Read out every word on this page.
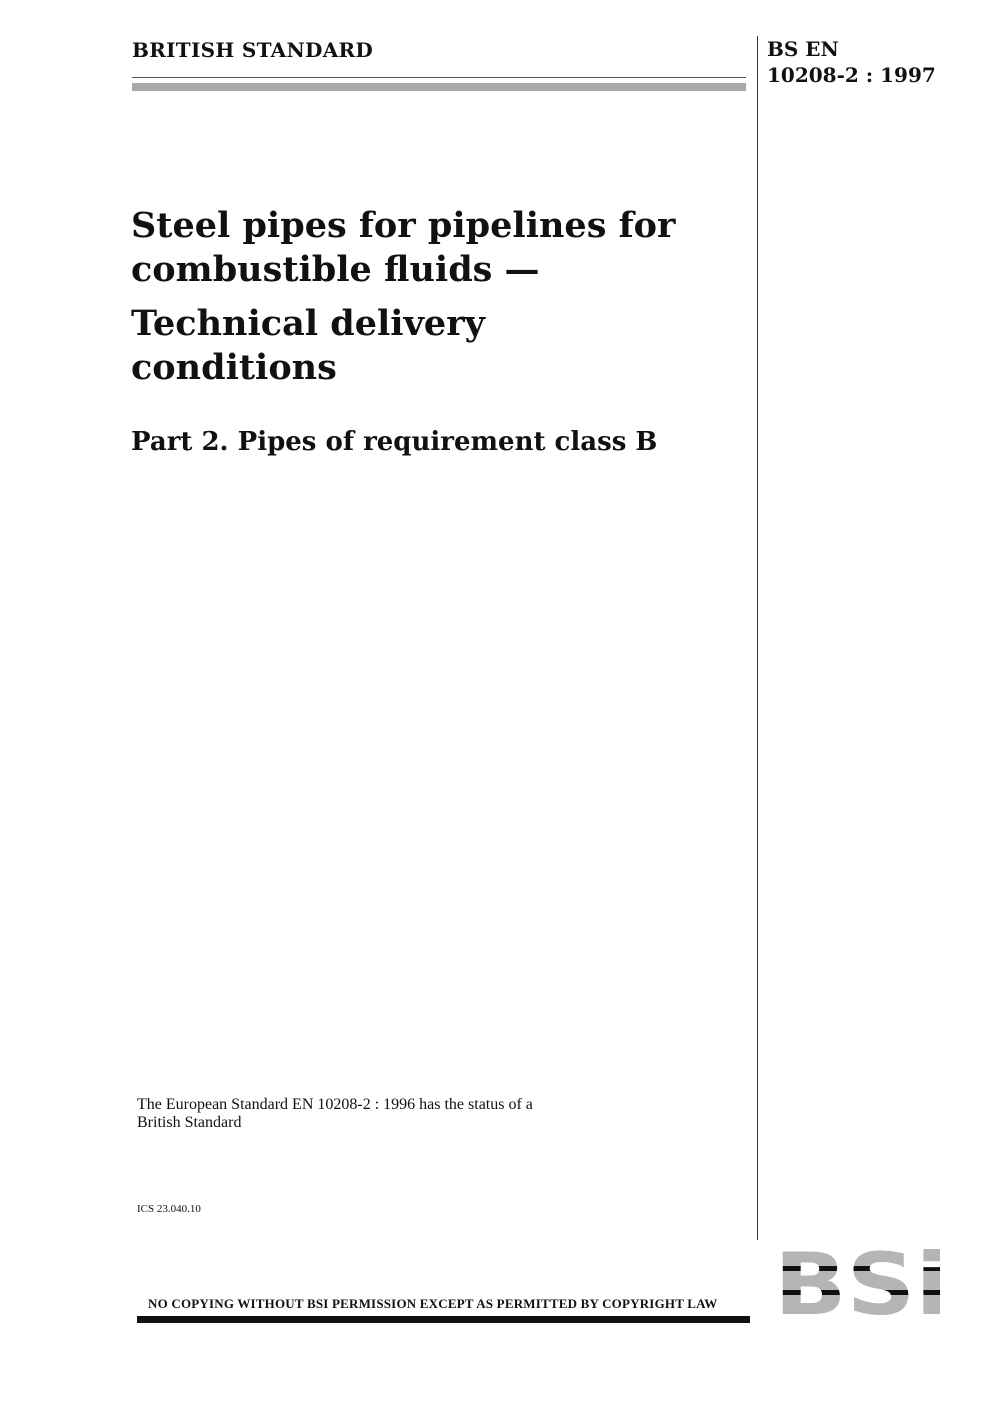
BRITISH STANDARD	BS EN
10208-2 : 1997

Steel pipes for pipelines for

combustible fluids —

Technical delivery

conditions

Part 2. Pipes of requirement class B

The European Standard EN 10208-2 : 1996 has the status of a
British Standard
ICS 23.040.10
NO COPYING WITHOUT BSI PERMISSION EXCEPT AS PERMITTED BY COPYRIGHT LAW
